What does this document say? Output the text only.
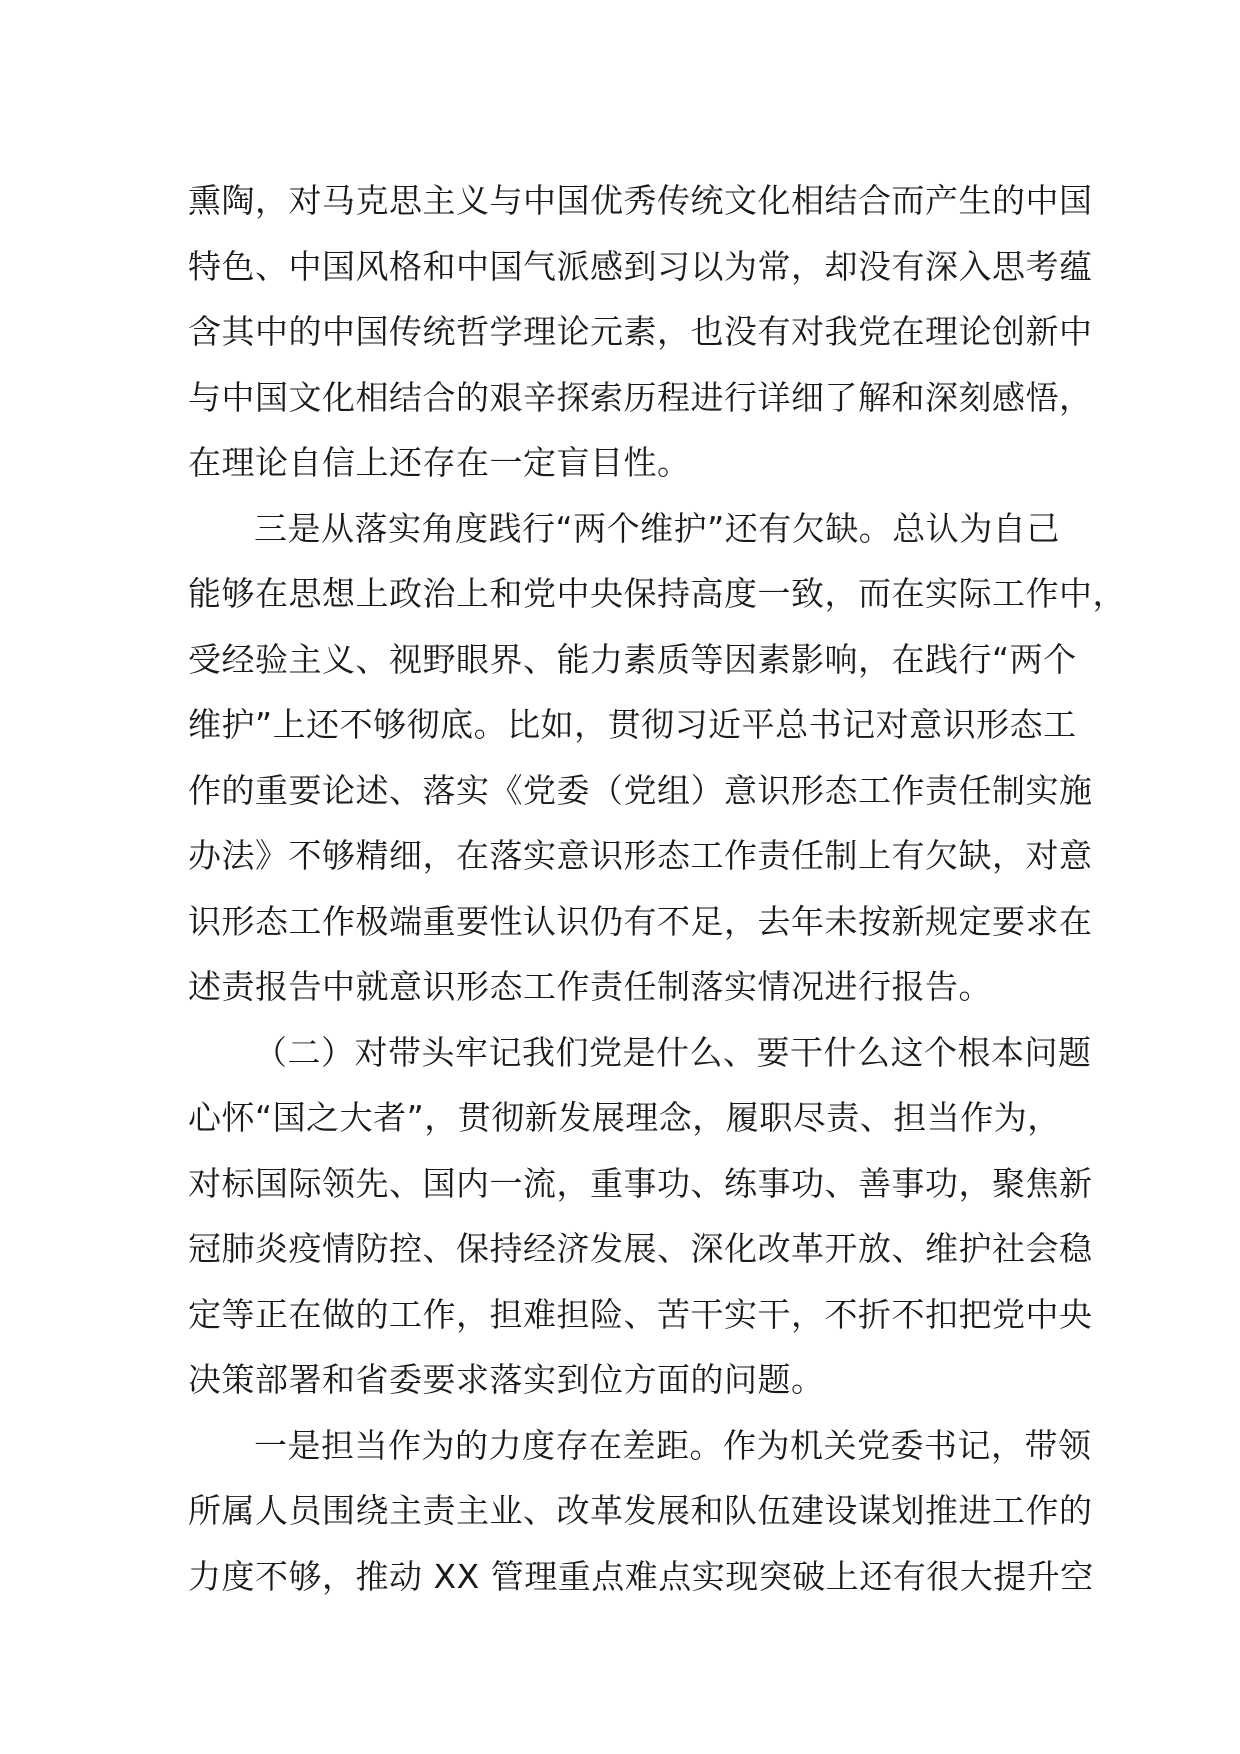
熏陶，对马克思主义与中国优秀传统文化相结合而产生的中国
特色、中国风格和中国气派感到习以为常，却没有深入思考蕴
含其中的中国传统哲学理论元素，也没有对我党在理论创新中
与中国文化相结合的艰辛探索历程进行详细了解和深刻感悟，
在理论自信上还存在一定盲目性。
三是从落实角度践行“两个维护”还有欠缺。总认为自己
能够在思想上政治上和党中央保持高度一致，而在实际工作中，
受经验主义、视野眼界、能力素质等因素影响，在践行“两个
维护”上还不够彻底。比如，贯彻习近平总书记对意识形态工
作的重要论述、落实《党委（党组）意识形态工作责任制实施
办法》不够精细，在落实意识形态工作责任制上有欠缺，对意
识形态工作极端重要性认识仍有不足，去年未按新规定要求在
述责报告中就意识形态工作责任制落实情况进行报告。
（二）对带头牢记我们党是什么、要干什么这个根本问题
心怀“国之大者”，贯彻新发展理念，履职尽责、担当作为，
对标国际领先、国内一流，重事功、练事功、善事功，聚焦新
冠肺炎疫情防控、保持经济发展、深化改革开放、维护社会稳
定等正在做的工作，担难担险、苦干实干，不折不扣把党中央
决策部署和省委要求落实到位方面的问题。
一是担当作为的力度存在差距。作为机关党委书记，带领
所属人员围绕主责主业、改革发展和队伍建设谋划推进工作的
力度不够，推动 XX 管理重点难点实现突破上还有很大提升空
